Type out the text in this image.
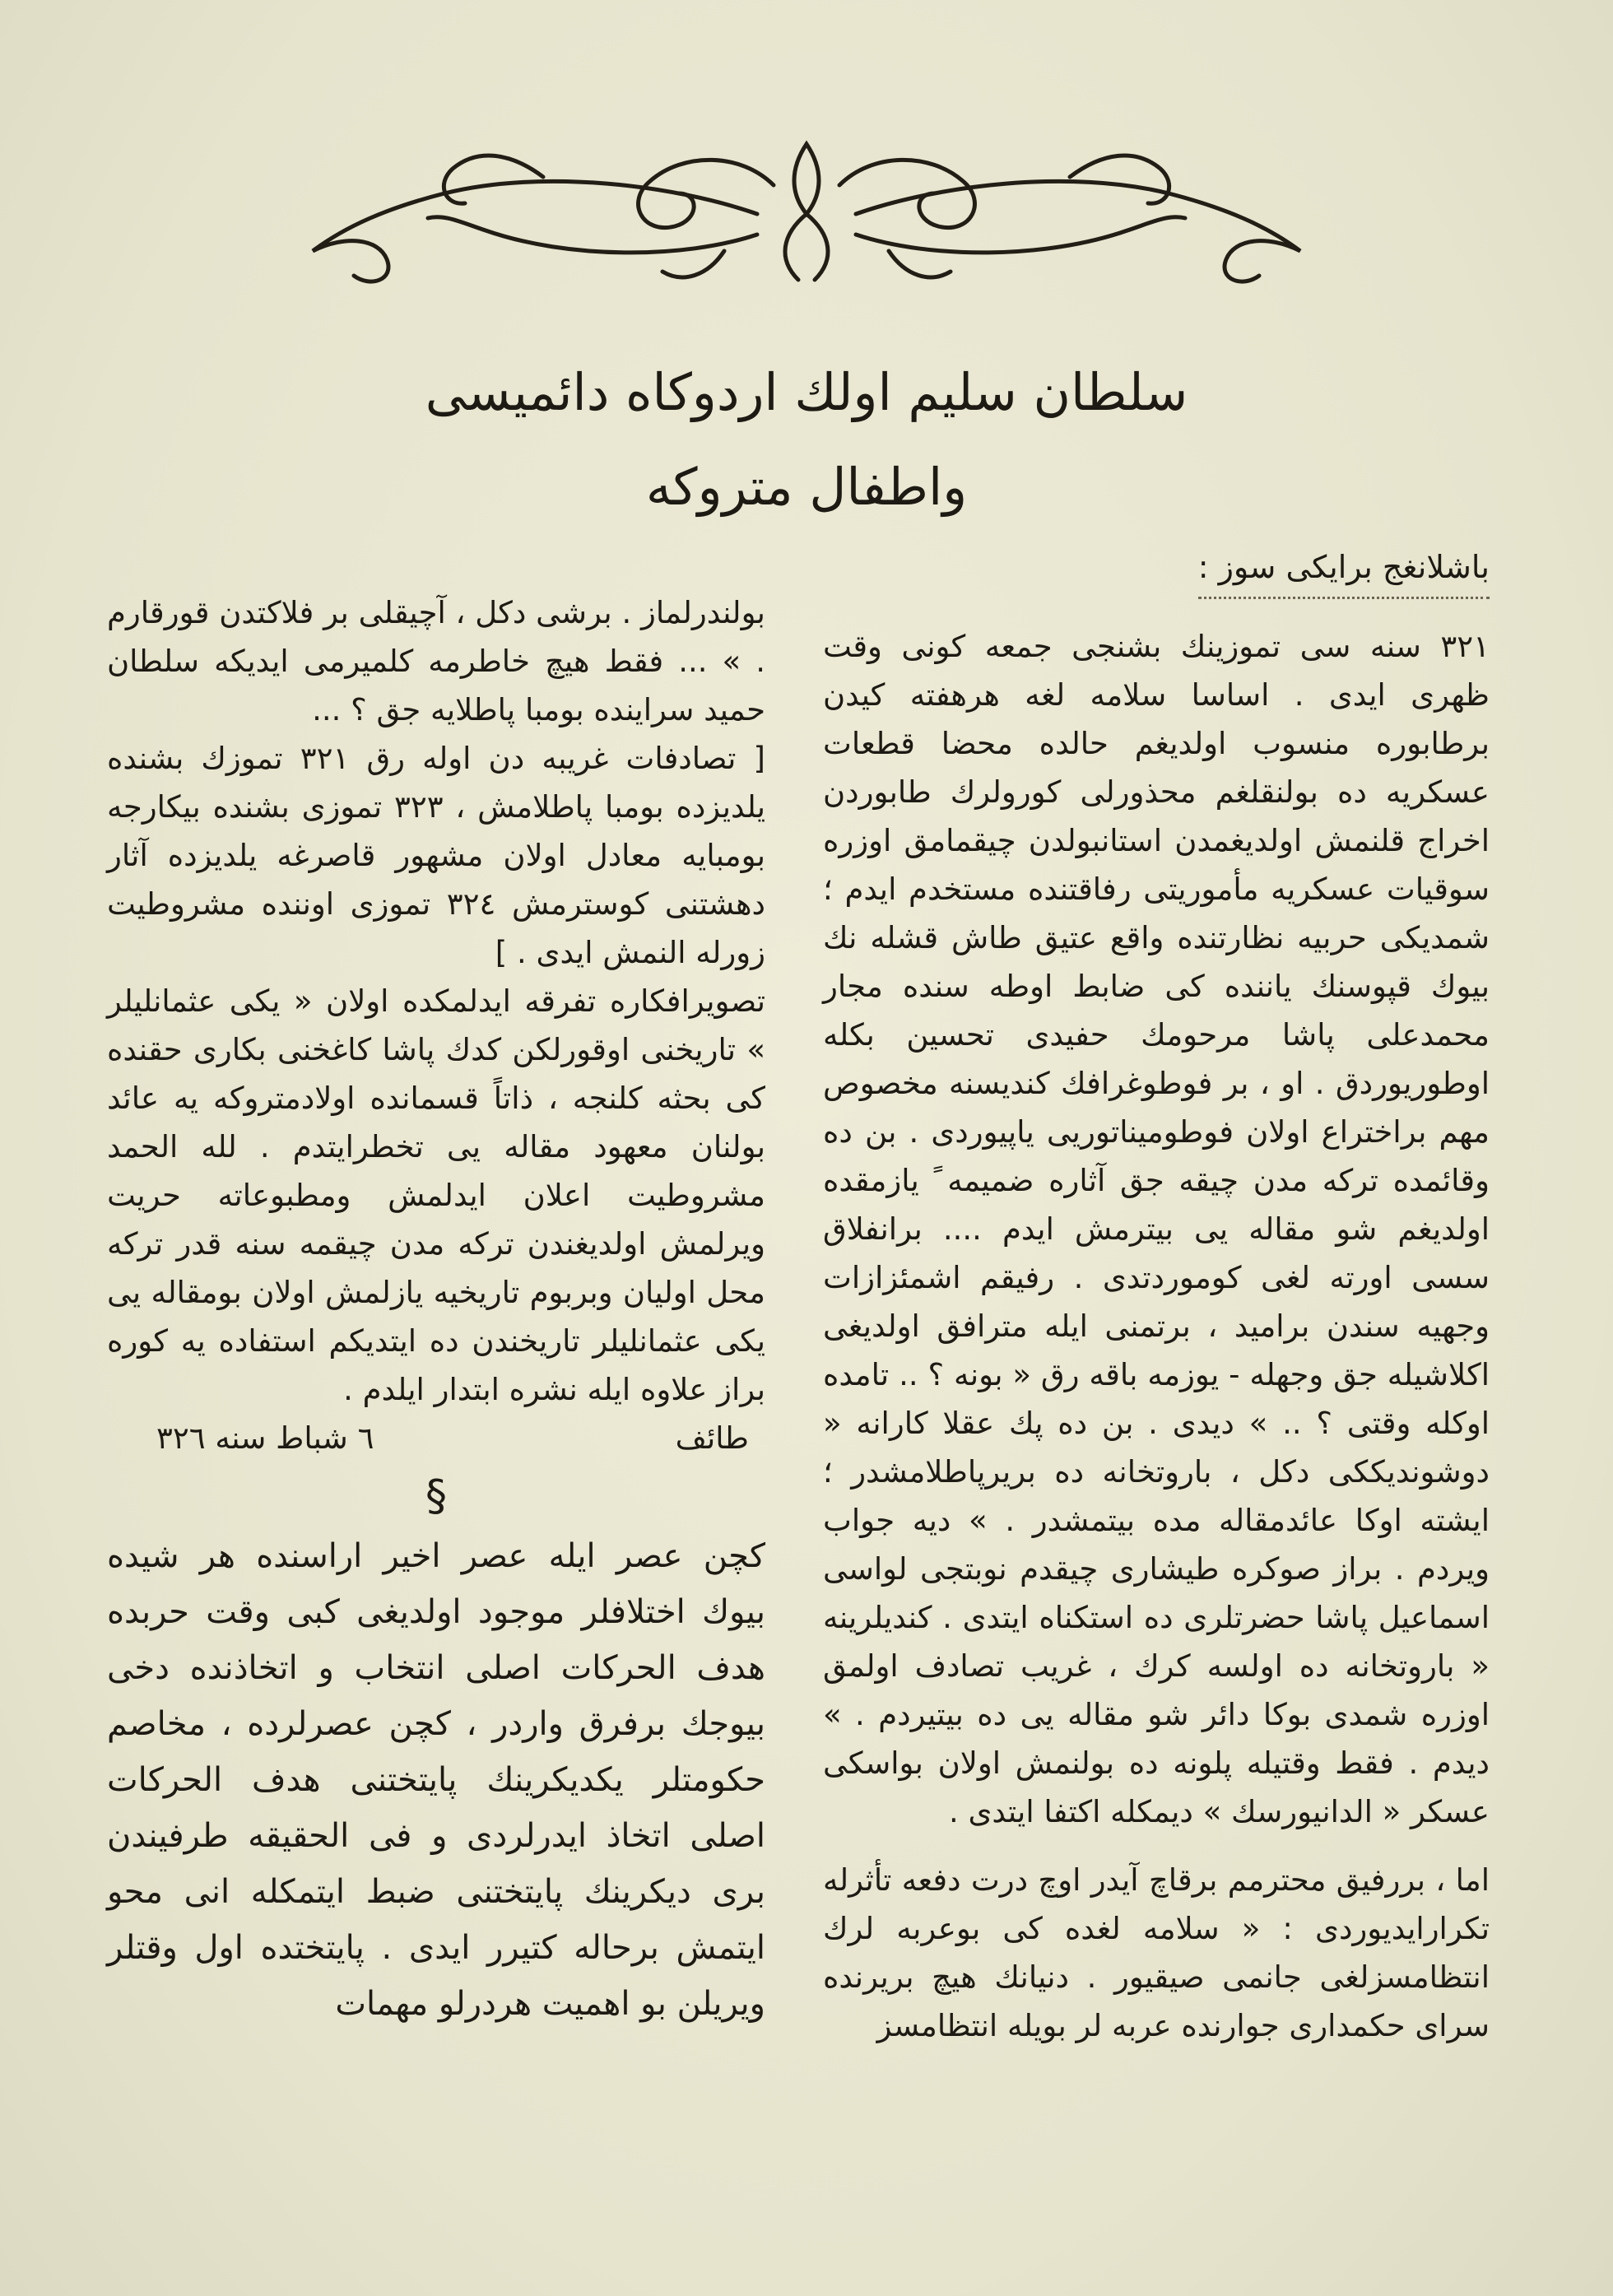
سلطان سليم اولك اردوكاه دائميسى
واطفال متروكه

باشلانغج برايكى سوز :

٣٢١ سنه سى تموزينك بشنجى جمعه كونى وقت ظهرى ايدى . اساسا سلامه لغه هرهفته كيدن برطابوره منسوب اولديغم حالده محضا قطعات عسكريه ده بولنقلغم محذورلى كورولرك طابوردن اخراج قلنمش اولديغمدن استانبولدن چيقمامق اوزره سوقيات عسكريه مأموريتى رفاقتنده مستخدم ايدم ؛ شمديكى حربيه نظارتنده واقع عتيق طاش قشله نك بيوك قپوسنك ياننده كى ضابط اوطه سنده مجار محمدعلى پاشا مرحومك حفيدى تحسين بكله اوطوريوردق . او ، بر فوطوغرافك كنديسنه مخصوص مهم براختراع اولان فوطوميناتوريى ياپيوردى . بن ده وقائمده تركه مدن چيقه جق آثاره ضميمه ً يازمقده اولديغم شو مقاله يى بيترمش ايدم .... برانفلاق سسى اورته لغى كوموردتدى . رفيقم اشمئزازات وجهيه سندن براميد ، برتمنى ايله مترافق اولديغى اكلاشيله جق وجهله - يوزمه باقه رق « بونه ؟ .. تامده اوكله وقتى ؟ .. » ديدى . بن ده پك عقلا كارانه « دوشونديككى دكل ، باروتخانه ده بريرپاطلامشدر ؛ ايشته اوكا عائدمقاله مده بيتمشدر . » ديه جواب ويردم . براز صوكره طيشارى چيقدم نوبتجى لواسى اسماعيل پاشا حضرتلرى ده استكناه ايتدى . كنديلرينه « باروتخانه ده اولسه كرك ، غريب تصادف اولمق اوزره شمدى بوكا دائر شو مقاله يى ده بيتيردم . » ديدم . فقط وقتيله پلونه ده بولنمش اولان بواسكى عسكر « الدانيورسك » ديمكله اكتفا ايتدى .

اما ، بررفيق محترمم برقاچ آيدر اوچ درت دفعه تأثرله تكرارايديوردى : « سلامه لغده كى بوعربه لرك انتظامسزلغى جانمى صيقيور . دنيانك هيچ بريرنده سراى حكمدارى جوارنده عربه لر بويله انتظامسز

بولندرلماز . برشى دكل ، آچيقلى بر فلاكتدن قورقارم . » ... فقط هيچ خاطرمه كلميرمى ايديكه سلطان حميد سراينده بومبا پاطلايه جق ؟ ...

[ تصادفات غريبه دن اوله رق ٣٢١ تموزك بشنده يلديزده بومبا پاطلامش ، ٣٢٣ تموزى بشنده بيكارجه بومبايه معادل اولان مشهور قاصرغه يلديزده آثار دهشتنى كوسترمش ٣٢٤ تموزى اوننده مشروطيت زورله النمش ايدى . ]

تصويرافكاره تفرقه ايدلمكده اولان « يكى عثمانليلر » تاريخنى اوقورلكن كدك پاشا كاغخنى بكارى حقنده كى بحثه كلنجه ، ذاتاً قسمانده اولادمتروكه يه عائد بولنان معهود مقاله يى تخطرايتدم . لله الحمد مشروطيت اعلان ايدلمش ومطبوعاته حريت ويرلمش اولديغندن تركه مدن چيقمه سنه قدر تركه محل اوليان وبربوم تاريخيه يازلمش اولان بومقاله يى يكى عثمانليلر تاريخندن ده ايتديكم استفاده يه كوره براز علاوه ايله نشره ابتدار ايلدم .

طائف
٦ شباط سنه ٣٢٦

§

كچن عصر ايله عصر اخير اراسنده هر شيده بيوك اختلافلر موجود اولديغى كبى وقت حربده هدف الحركات اصلى انتخاب و اتخاذنده دخى بيوجك برفرق واردر ، كچن عصرلرده ، مخاصم حكومتلر يكديكرينك پايتختنى هدف الحركات اصلى اتخاذ ايدرلردى و فى الحقيقه طرفيندن برى ديكرينك پايتختنى ضبط ايتمكله انى محو ايتمش برحاله كتيرر ايدى . پايتختده اول وقتلر ويريلن بو اهميت هردرلو مهمات
